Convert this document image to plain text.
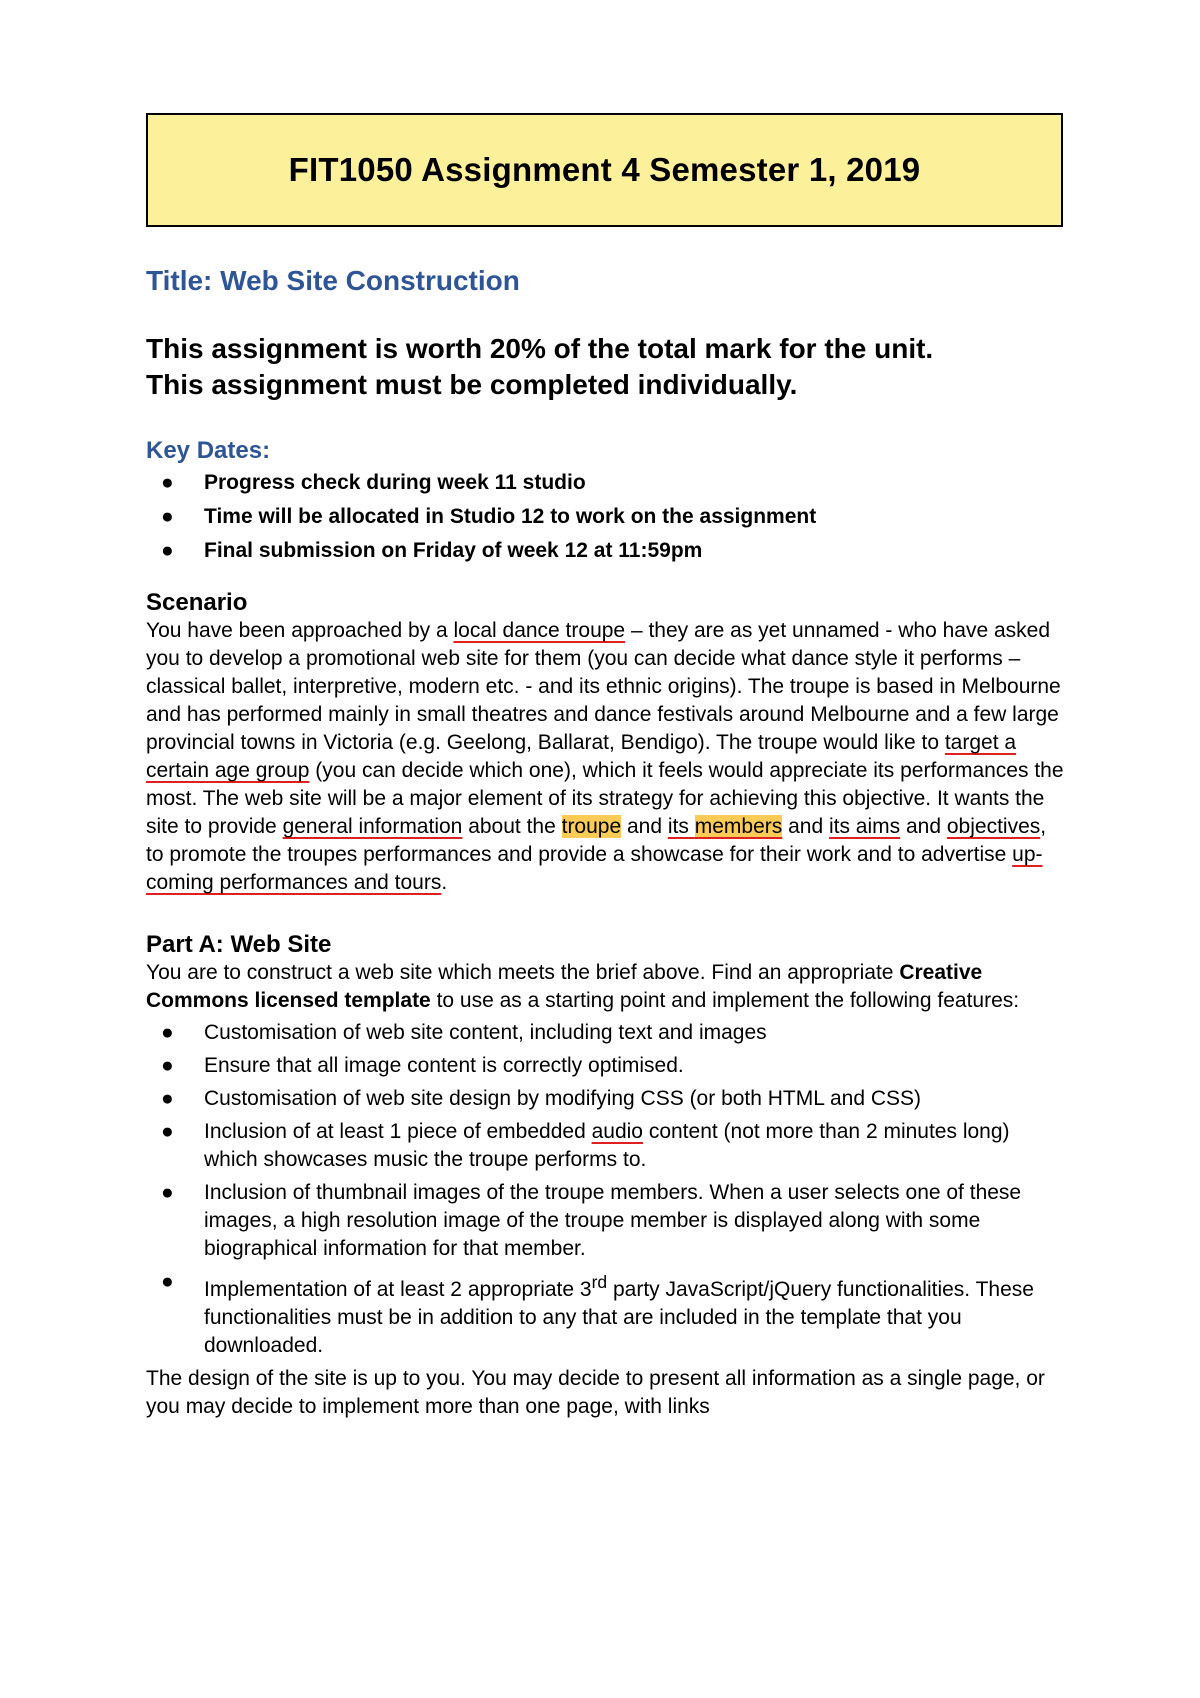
FIT1050 Assignment 4 Semester 1, 2019
Title: Web Site Construction
This assignment is worth 20% of the total mark for the unit.
This assignment must be completed individually.
Key Dates:
● Progress check during week 11 studio
● Time will be allocated in Studio 12 to work on the assignment
● Final submission on Friday of week 12 at 11:59pm
Scenario

You have been approached by a local dance troupe – they are as yet unnamed - who have asked you to develop a promotional web site for them (you can decide what dance style it performs – classical ballet, interpretive, modern etc. - and its ethnic origins). The troupe is based in Melbourne and has performed mainly in small theatres and dance festivals around Melbourne and a few large provincial towns in Victoria (e.g. Geelong, Ballarat, Bendigo). The troupe would like to target a certain age group (you can decide which one), which it feels would appreciate its performances the most. The web site will be a major element of its strategy for achieving this objective. It wants the site to provide general information about the troupe and its members and its aims and objectives, to promote the troupes performances and provide a showcase for their work and to advertise up-coming performances and tours.

Part A: Web Site

You are to construct a web site which meets the brief above. Find an appropriate Creative Commons licensed template to use as a starting point and implement the following features:

● Customisation of web site content, including text and images
● Ensure that all image content is correctly optimised.
● Customisation of web site design by modifying CSS (or both HTML and CSS)
● Inclusion of at least 1 piece of embedded audio content (not more than 2 minutes long) which showcases music the troupe performs to.
● Inclusion of thumbnail images of the troupe members. When a user selects one of these images, a high resolution image of the troupe member is displayed along with some biographical information for that member.
● Implementation of at least 2 appropriate 3rd party JavaScript/jQuery functionalities. These functionalities must be in addition to any that are included in the template that you downloaded.

The design of the site is up to you. You may decide to present all information as a single page, or you may decide to implement more than one page, with links
